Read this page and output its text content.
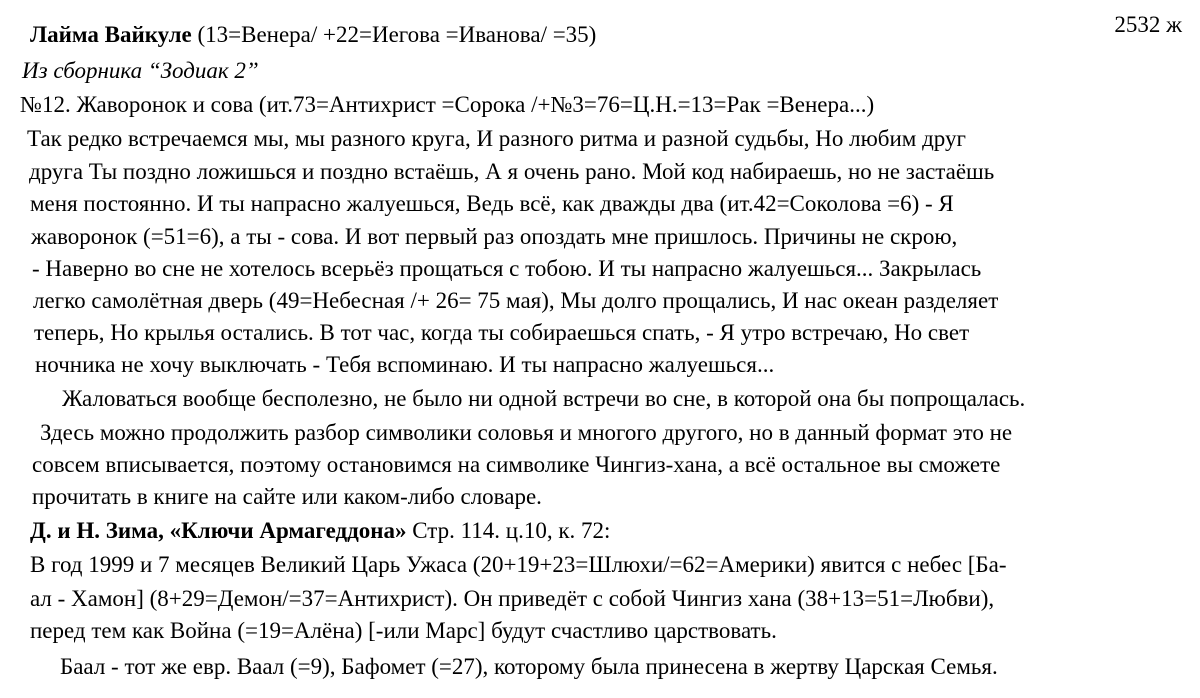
2532 ж
Лайма Вайкуле (13=Венера/ +22=Иегова =Иванова/ =35)
Из сборника “Зодиак 2”
№12. Жаворонок и сова (ит.73=Антихрист =Сорока /+№3=76=Ц.Н.=13=Рак =Венера...)
Так редко встречаемся мы, мы разного круга, И разного ритма и разной судьбы, Но любим друг
друга Ты поздно ложишься и поздно встаёшь, А я очень рано. Мой код набираешь, но не застаёшь
меня постоянно. И ты напрасно жалуешься, Ведь всё, как дважды два (ит.42=Соколова =6) - Я
жаворонок (=51=6), а ты - сова. И вот первый раз опоздать мне пришлось. Причины не скрою,
- Наверно во сне не хотелось всерьёз прощаться с тобою. И ты напрасно жалуешься... Закрылась
легко самолётная дверь (49=Небесная /+ 26= 75 мая), Мы долго прощались, И нас океан разделяет
теперь, Но крылья остались. В тот час, когда ты собираешься спать, - Я утро встречаю, Но свет
ночника не хочу выключать - Тебя вспоминаю. И ты напрасно жалуешься...
Жаловаться вообще бесполезно, не было ни одной встречи во сне, в которой она бы попрощалась.
Здесь можно продолжить разбор символики соловья и многого другого, но в данный формат это не
совсем вписывается, поэтому остановимся на символике Чингиз-хана, а всё остальное вы сможете
прочитать в книге на сайте или каком-либо словаре.
Д. и Н. Зима, «Ключи Армагеддона» Стр. 114. ц.10, к. 72:
В год 1999 и 7 месяцев Великий Царь Ужаса (20+19+23=Шлюхи/=62=Америки) явится с небес [Ба-
ал - Хамон] (8+29=Демон/=37=Антихрист). Он приведёт с собой Чингиз хана (38+13=51=Любви),
перед тем как Война (=19=Алёна) [-или Марс] будут счастливо царствовать.
Баал - тот же евр. Ваал (=9), Бафомет (=27), которому была принесена в жертву Царская Семья.
